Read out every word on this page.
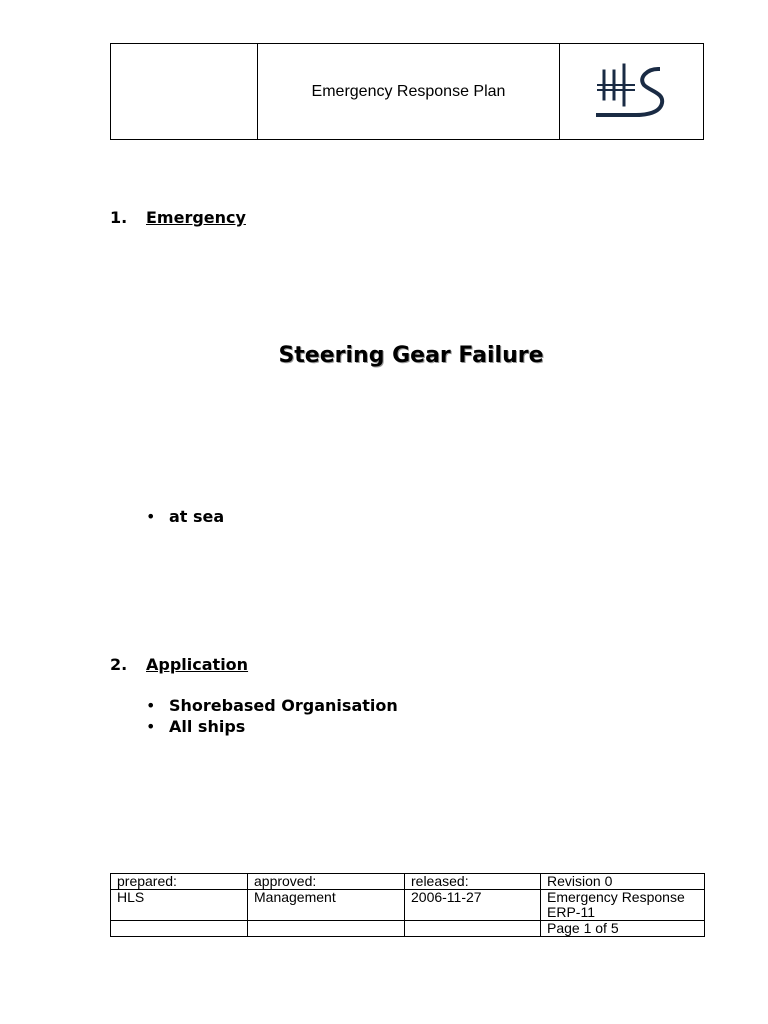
Emergency Response Plan
1. Emergency
Steering Gear Failure
• at sea
2. Application
• Shorebased Organisation
• All ships
prepared:	approved:	released:	Revision 0
HLS	Management	2006-11-27	Emergency Response
ERP-11
			Page 1 of 5
